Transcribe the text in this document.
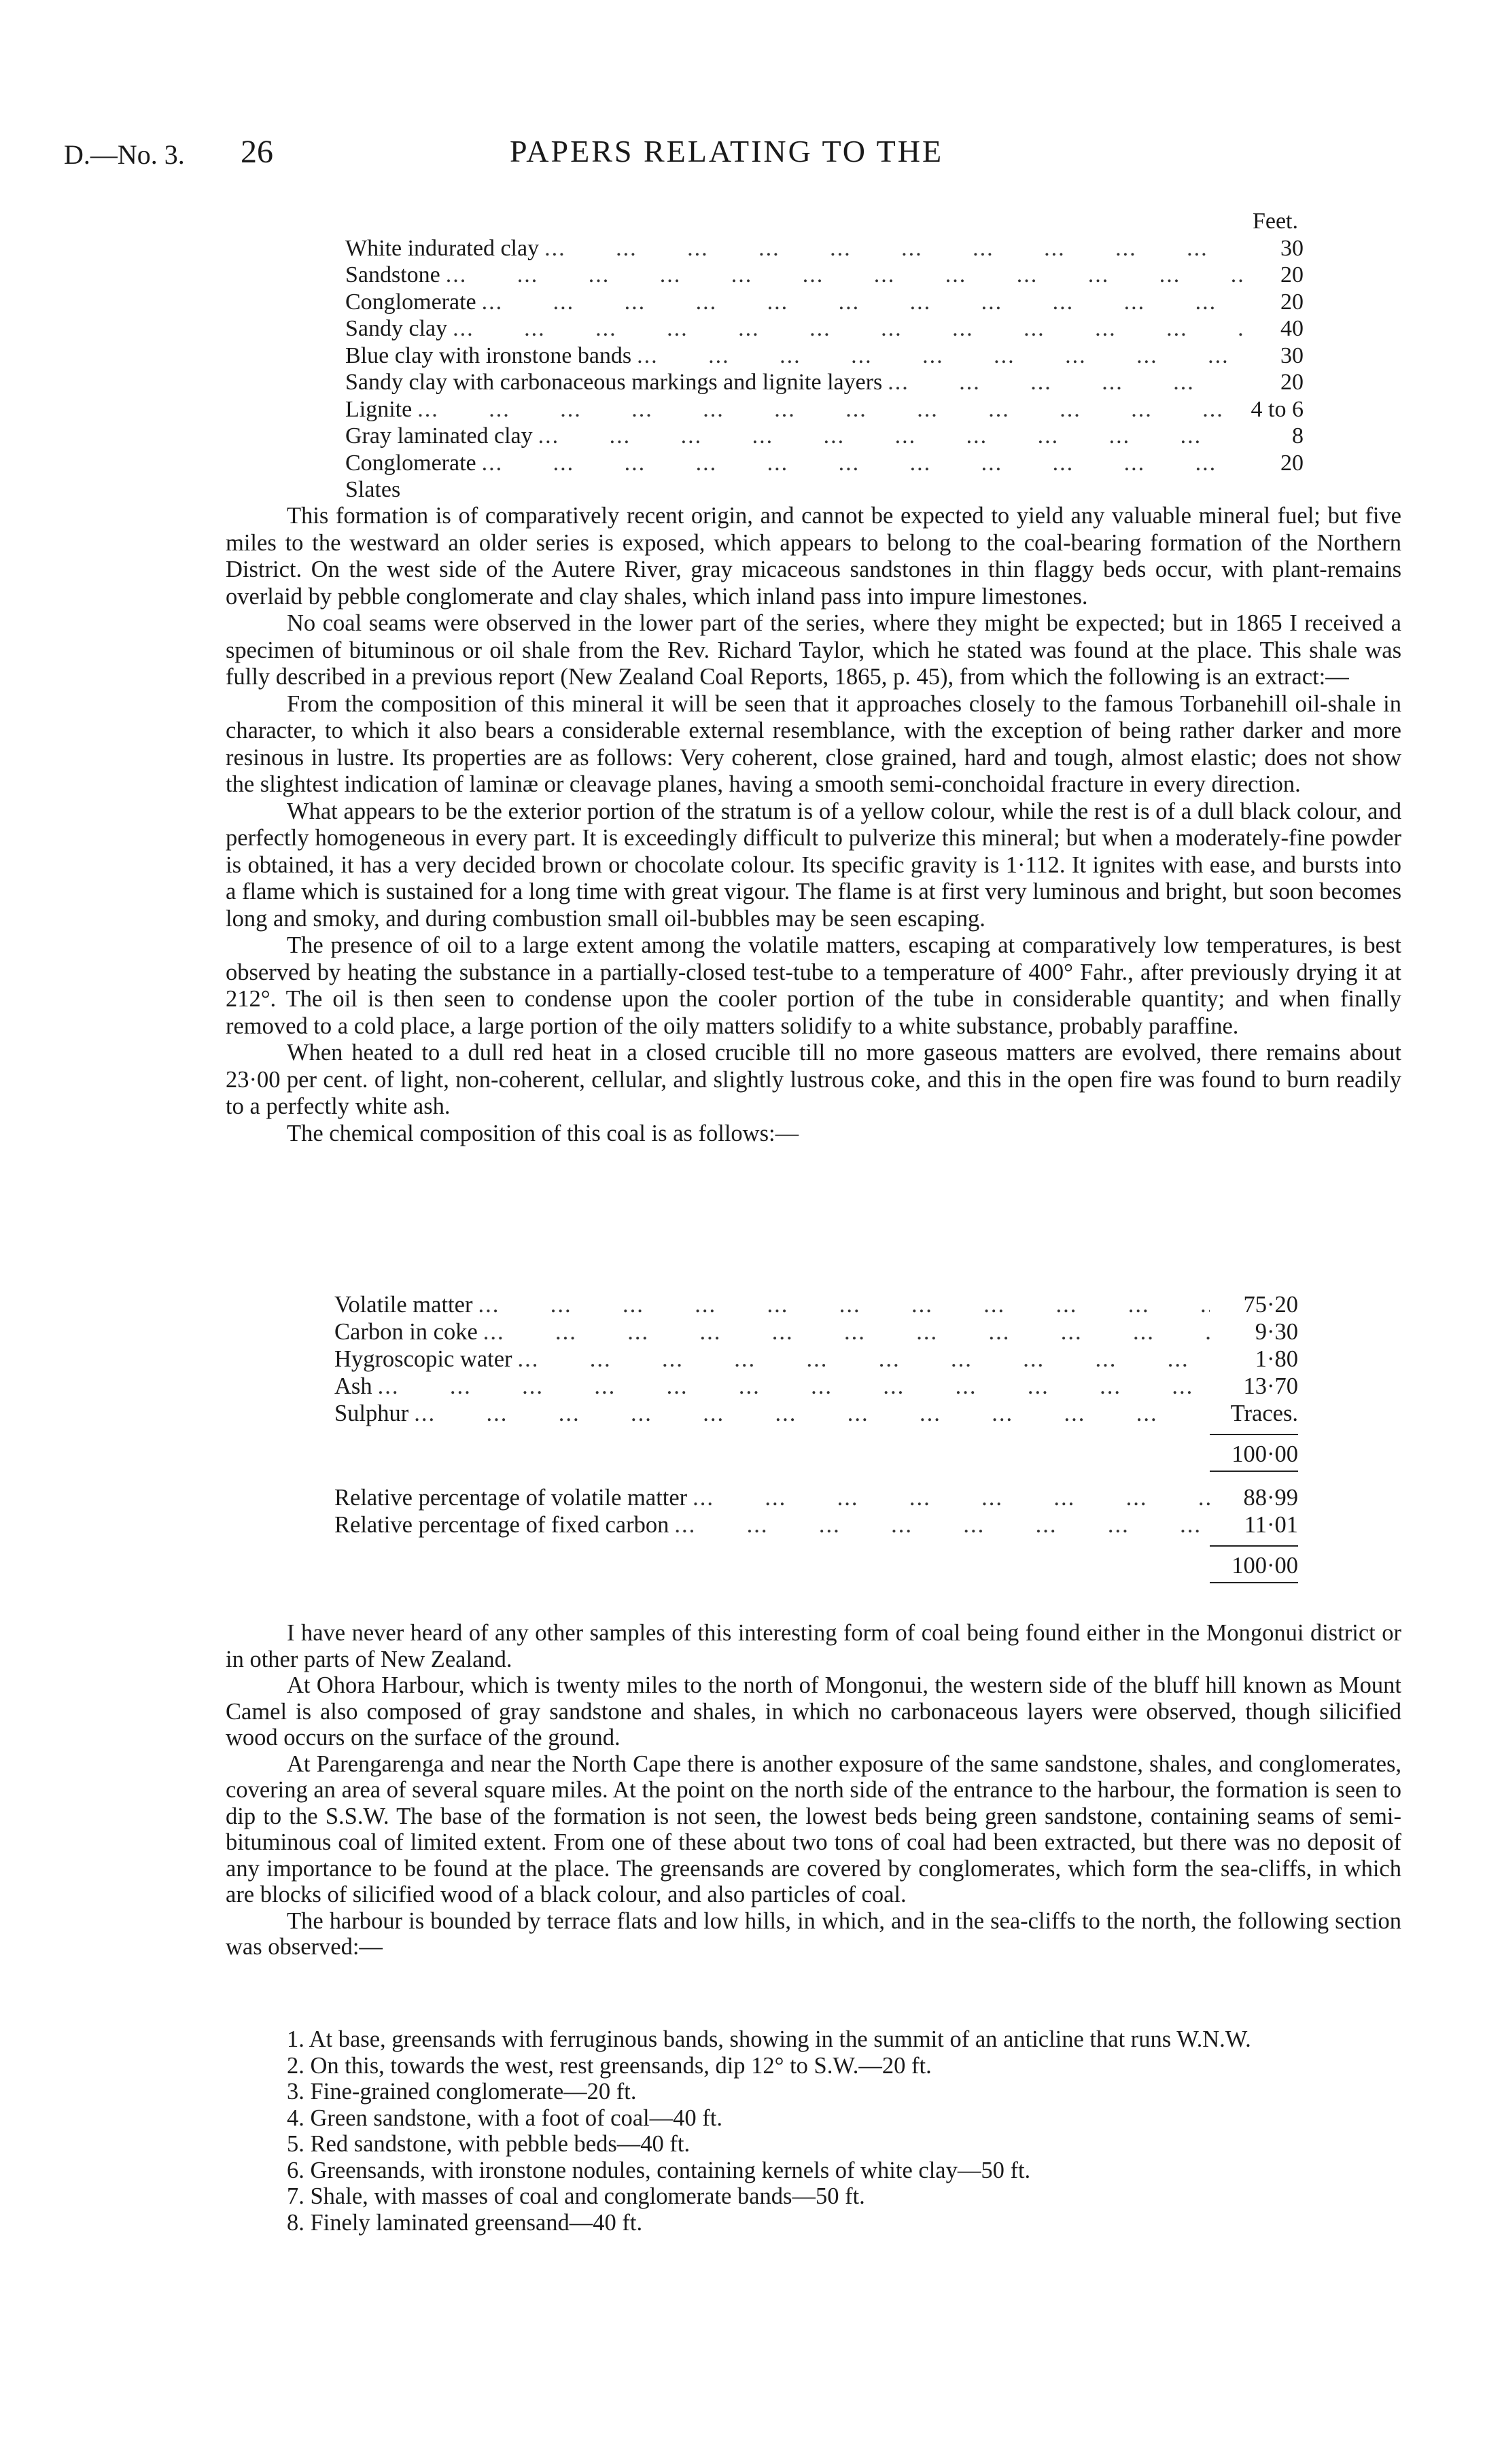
D.—No. 3. 26	PAPERS RELATING TO THE
Feet.
White indurated clay ...	30
Sandstone ...	20
Conglomerate ...	20
Sandy clay ...	40
Blue clay with ironstone bands ...	30
Sandy clay with carbonaceous markings and lignite layers ...	20
Lignite ...	4 to 6
Gray laminated clay ...	8
Conglomerate ...	20
Slates

This formation is of comparatively recent origin, and cannot be expected to yield any valuable mineral fuel; but five miles to the westward an older series is exposed, which appears to belong to the coal-bearing formation of the Northern District. On the west side of the Autere River, gray micaceous sandstones in thin flaggy beds occur, with plant-remains overlaid by pebble conglomerate and clay shales, which inland pass into impure limestones.

No coal seams were observed in the lower part of the series, where they might be expected; but in 1865 I received a specimen of bituminous or oil shale from the Rev. Richard Taylor, which he stated was found at the place. This shale was fully described in a previous report (New Zealand Coal Reports, 1865, p. 45), from which the following is an extract:—

From the composition of this mineral it will be seen that it approaches closely to the famous Torbanehill oil-shale in character, to which it also bears a considerable external resemblance, with the exception of being rather darker and more resinous in lustre. Its properties are as follows: Very coherent, close grained, hard and tough, almost elastic; does not show the slightest indication of laminæ or cleavage planes, having a smooth semi-conchoidal fracture in every direction.

What appears to be the exterior portion of the stratum is of a yellow colour, while the rest is of a dull black colour, and perfectly homogeneous in every part. It is exceedingly difficult to pulverize this mineral; but when a moderately-fine powder is obtained, it has a very decided brown or chocolate colour. Its specific gravity is 1·112. It ignites with ease, and bursts into a flame which is sustained for a long time with great vigour. The flame is at first very luminous and bright, but soon becomes long and smoky, and during combustion small oil-bubbles may be seen escaping.

The presence of oil to a large extent among the volatile matters, escaping at comparatively low temperatures, is best observed by heating the substance in a partially-closed test-tube to a temperature of 400° Fahr., after previously drying it at 212°. The oil is then seen to condense upon the cooler portion of the tube in considerable quantity; and when finally removed to a cold place, a large portion of the oily matters solidify to a white substance, probably paraffine.

When heated to a dull red heat in a closed crucible till no more gaseous matters are evolved, there remains about 23·00 per cent. of light, non-coherent, cellular, and slightly lustrous coke, and this in the open fire was found to burn readily to a perfectly white ash.

The chemical composition of this coal is as follows:—

Volatile matter ...	75·20
Carbon in coke ...	9·30
Hygroscopic water ...	1·80
Ash ...	13·70
Sulphur ...	Traces.
100·00
Relative percentage of volatile matter ...	88·99
Relative percentage of fixed carbon ...	11·01
100·00

I have never heard of any other samples of this interesting form of coal being found either in the Mongonui district or in other parts of New Zealand.

At Ohora Harbour, which is twenty miles to the north of Mongonui, the western side of the bluff hill known as Mount Camel is also composed of gray sandstone and shales, in which no carbonaceous layers were observed, though silicified wood occurs on the surface of the ground.

At Parengarenga and near the North Cape there is another exposure of the same sandstone, shales, and conglomerates, covering an area of several square miles. At the point on the north side of the entrance to the harbour, the formation is seen to dip to the S.S.W. The base of the formation is not seen, the lowest beds being green sandstone, containing seams of semi-bituminous coal of limited extent. From one of these about two tons of coal had been extracted, but there was no deposit of any importance to be found at the place. The greensands are covered by conglomerates, which form the sea-cliffs, in which are blocks of silicified wood of a black colour, and also particles of coal.

The harbour is bounded by terrace flats and low hills, in which, and in the sea-cliffs to the north, the following section was observed:—

1. At base, greensands with ferruginous bands, showing in the summit of an anticline that runs W.N.W.

2. On this, towards the west, rest greensands, dip 12° to S.W.—20 ft.

3. Fine-grained conglomerate—20 ft.

4. Green sandstone, with a foot of coal—40 ft.

5. Red sandstone, with pebble beds—40 ft.

6. Greensands, with ironstone nodules, containing kernels of white clay—50 ft.

7. Shale, with masses of coal and conglomerate bands—50 ft.

8. Finely laminated greensand—40 ft.
